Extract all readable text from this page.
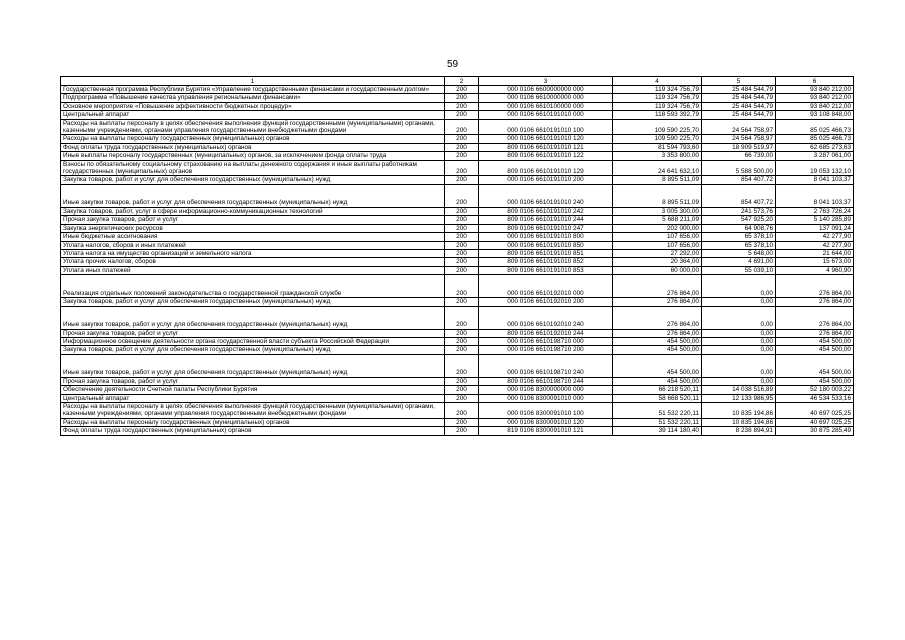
59
1	2	3	4	5	6
Государственная программа Республики Бурятия «Управление государственными финансами и государственным долгом»	200	000 0106 6600000000 000	119 324 756,79	25 484 544,79	93 840 212,00
Подпрограмма «Повышение качества управления региональными финансами»	200	000 0106 6610000000 000	119 324 756,79	25 484 544,79	93 840 212,00
Основное мероприятие «Повышение эффективности бюджетных процедур»	200	000 0106 6610100000 000	119 324 756,79	25 484 544,79	93 840 212,00
Центральный аппарат	200	000 0106 6610191010 000	118 593 392,79	25 484 544,79	93 108 848,00
Расходы на выплаты персоналу в целях обеспечения выполнения функций государственными (муниципальными) органами, казенными учреждениями, органами управления государственными внебюджетными фондами	200	000 0106 6610191010 100	109 590 225,70	24 564 758,97	85 025 466,73
Расходы на выплаты персоналу государственных (муниципальных) органов	200	000 0106 6610191010 120	109 590 225,70	24 564 758,97	85 025 466,73
Фонд оплаты труда государственных (муниципальных) органов	200	809 0106 6610191010 121	81 594 793,60	18 909 519,97	62 685 273,63
Иные выплаты персоналу государственных (муниципальных) органов, за исключением фонда оплаты труда	200	809 0106 6610191010 122	3 353 800,00	66 739,00	3 287 061,00
Взносы по обязательному социальному страхованию на выплаты денежного содержания и иные выплаты работникам государственных (муниципальных) органов	200	809 0106 6610191010 129	24 641 632,10	5 588 500,00	19 053 132,10
Закупка товаров, работ и услуг для обеспечения государственных (муниципальных) нужд	200	000 0106 6610191010 200	8 895 511,09	854 407,72	8 041 103,37
Иные закупки товаров, работ и услуг для обеспечения государственных (муниципальных) нужд	200	000 0106 6610191010 240	8 895 511,09	854 407,72	8 041 103,37
Закупка товаров, работ, услуг в сфере информационно-коммуникационных технологий	200	809 0106 6610191010 242	3 005 300,00	241 573,76	2 763 726,24
Прочая закупка товаров, работ и услуг	200	809 0106 6610191010 244	5 688 211,09	547 925,20	5 140 285,89
Закупка энергетических ресурсов	200	809 0106 6610191010 247	202 000,00	64 908,76	137 091,24
Иные бюджетные ассигнования	200	000 0106 6610191010 800	107 656,00	65 378,10	42 277,90
Уплата налогов, сборов и иных платежей	200	000 0106 6610191010 850	107 656,00	65 378,10	42 277,90
Уплата налога на имущество организаций и земельного налога	200	809 0106 6610191010 851	27 292,00	5 648,00	21 644,00
Уплата прочих налогов, сборов	200	809 0106 6610191010 852	20 364,00	4 691,00	15 673,00
Уплата иных платежей	200	809 0106 6610191010 853	60 000,00	55 039,10	4 960,90
Реализация отдельных положений законодательства о государственной гражданской службе	200	000 0106 6610192010 000	276 864,00	0,00	276 864,00
Закупка товаров, работ и услуг для обеспечения государственных (муниципальных) нужд	200	000 0106 6610192010 200	276 864,00	0,00	276 864,00
Иные закупки товаров, работ и услуг для обеспечения государственных (муниципальных) нужд	200	000 0106 6610192010 240	276 864,00	0,00	276 864,00
Прочая закупка товаров, работ и услуг	200	809 0106 6610192010 244	276 864,00	0,00	276 864,00
Информационное освещение деятельности органа государственной власти субъекта Российской Федерации	200	000 0106 6610198710 000	454 500,00	0,00	454 500,00
Закупка товаров, работ и услуг для обеспечения государственных (муниципальных) нужд	200	000 0106 6610198710 200	454 500,00	0,00	454 500,00
Иные закупки товаров, работ и услуг для обеспечения государственных (муниципальных) нужд	200	000 0106 6610198710 240	454 500,00	0,00	454 500,00
Прочая закупка товаров, работ и услуг	200	809 0106 6610198710 244	454 500,00	0,00	454 500,00
Обеспечение деятельности Счетной палаты Республики Бурятия	200	000 0106 8300000000 000	66 218 520,11	14 038 516,89	52 180 003,22
Центральный аппарат	200	000 0106 8300091010 000	58 668 520,11	12 133 986,95	46 534 533,16
Расходы на выплаты персоналу в целях обеспечения выполнения функций государственными (муниципальными) органами, казенными учреждениями, органами управления государственными внебюджетными фондами	200	000 0106 8300091010 100	51 532 220,11	10 835 194,86	40 697 025,25
Расходы на выплаты персоналу государственных (муниципальных) органов	200	000 0106 8300091010 120	51 532 220,11	10 835 194,86	40 697 025,25
Фонд оплаты труда государственных (муниципальных) органов	200	819 0106 8300091010 121	39 114 180,40	8 238 894,91	30 875 285,49
